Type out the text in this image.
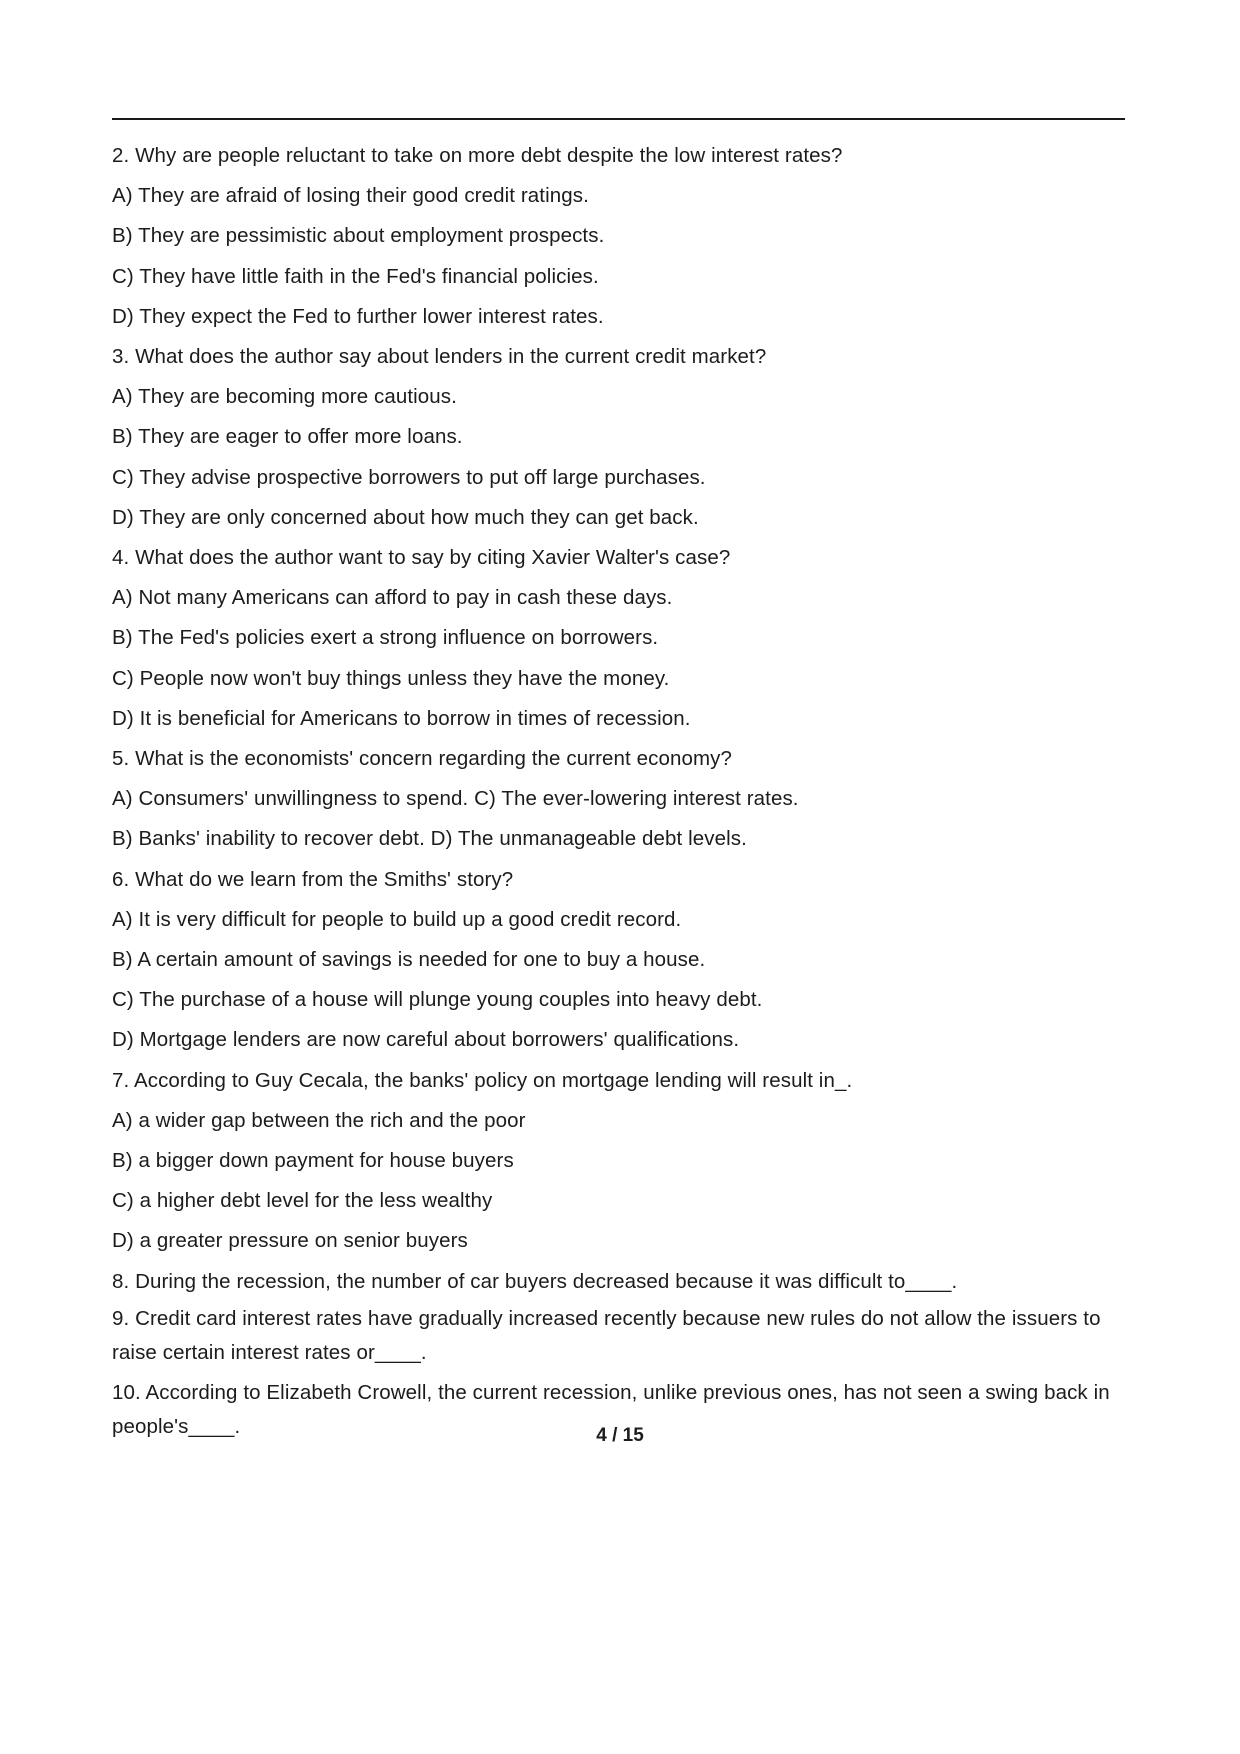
2. Why are people reluctant to take on more debt despite the low interest rates?

A) They are afraid of losing their good credit ratings.

B) They are pessimistic about employment prospects.

C) They have little faith in the Fed's financial policies.

D) They expect the Fed to further lower interest rates.

3. What does the author say about lenders in the current credit market?

A) They are becoming more cautious.

B) They are eager to offer more loans.

C) They advise prospective borrowers to put off large purchases.

D) They are only concerned about how much they can get back.

4. What does the author want to say by citing Xavier Walter's case?

A) Not many Americans can afford to pay in cash these days.

B) The Fed's policies exert a strong influence on borrowers.

C) People now won't buy things unless they have the money.

D) It is beneficial for Americans to borrow in times of recession.

5. What is the economists' concern regarding the current economy?

A) Consumers' unwillingness to spend. C) The ever-lowering interest rates.

B) Banks' inability to recover debt. D) The unmanageable debt levels.

6. What do we learn from the Smiths' story?

A) It is very difficult for people to build up a good credit record.

B) A certain amount of savings is needed for one to buy a house.

C) The purchase of a house will plunge young couples into heavy debt.

D) Mortgage lenders are now careful about borrowers' qualifications.

7. According to Guy Cecala, the banks' policy on mortgage lending will result in_.

A) a wider gap between the rich and the poor

B) a bigger down payment for house buyers

C) a higher debt level for the less wealthy

D) a greater pressure on senior buyers

8. During the recession, the number of car buyers decreased because it was difficult to____.

9. Credit card interest rates have gradually increased recently because new rules do not allow the issuers to raise certain interest rates or____.

10. According to Elizabeth Crowell, the current recession, unlike previous ones, has not seen a swing back in people's____.	4 / 15
